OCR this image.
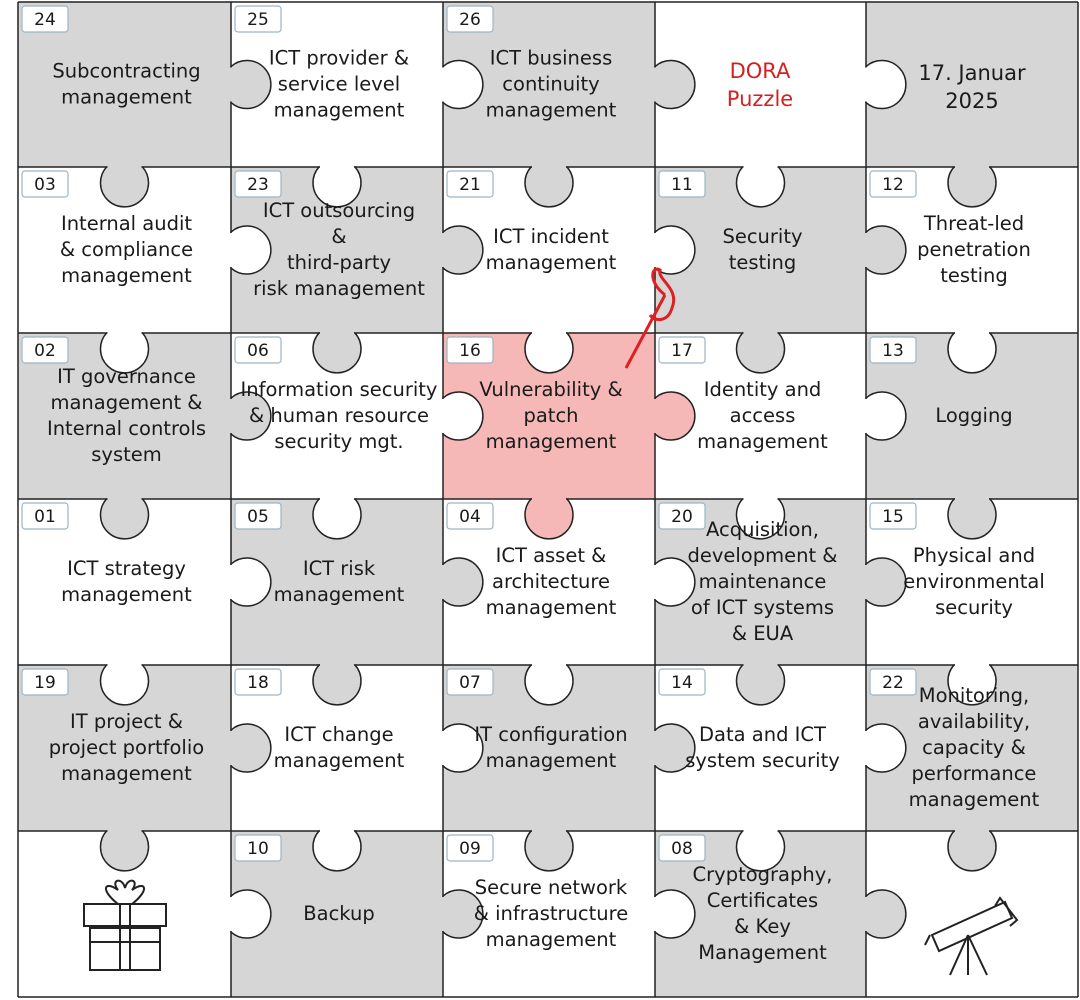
24
Subcontracting
management
25
ICT provider &
service level
management
26
ICT business
continuity
management
03
Internal audit
& compliance
management
23
ICT outsourcing
&
third-party
risk management
21
ICT incident
management
11
Security
testing
12
Threat-led
penetration
testing
02
IT governance
management &
Internal controls
system
06
Information security
& human resource
security mgt.
16
Vulnerability &
patch
management
17
Identity and
access
management
13
Logging
01
ICT strategy
management
05
ICT risk
management
04
ICT asset &
architecture
management
20
Acquisition,
development &
maintenance
of ICT systems
& EUA
15
Physical and
environmental
security
19
IT project &
project portfolio
management
18
ICT change
management
07
IT configuration
management
14
Data and ICT
system security
22
Monitoring,
availability,
capacity &
performance
management
10
Backup
09
Secure network
& infrastructure
management
08
Cryptography,
Certificates
& Key
Management
DORA
Puzzle
17. Januar
2025
